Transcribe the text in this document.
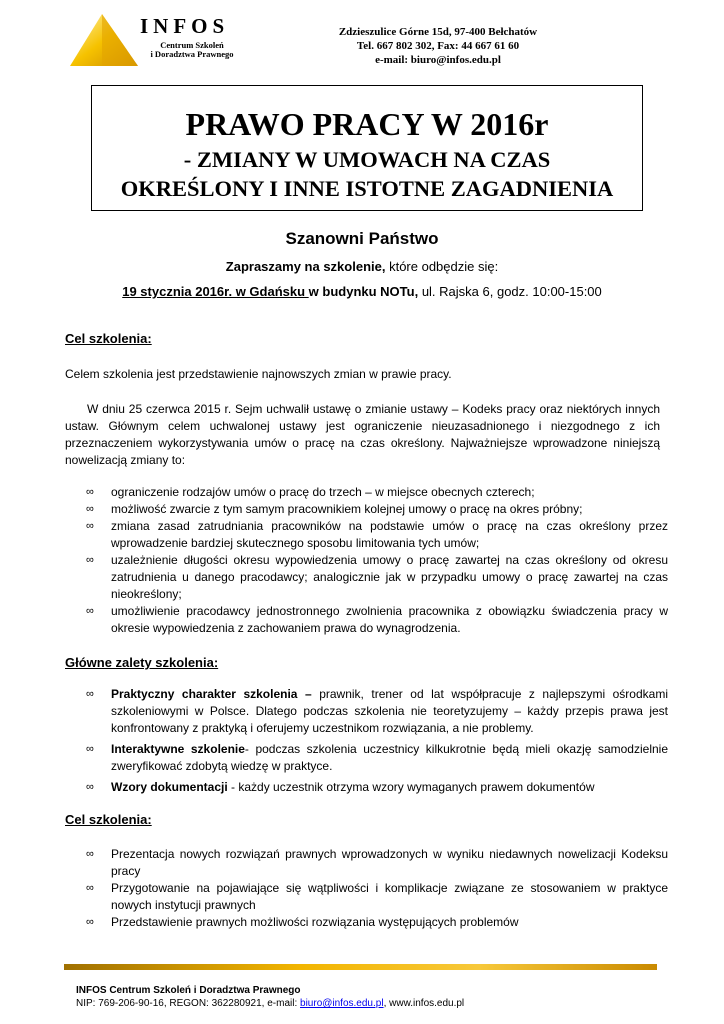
INFOS
Centrum Szkoleń
i Doradztwa Prawnego
Zdzieszulice Górne 15d, 97-400 Bełchatów
Tel. 667 802 302, Fax: 44 667 61 60
e-mail: biuro@infos.edu.pl
PRAWO PRACY W 2016r
- ZMIANY W UMOWACH NA CZAS
OKREŚLONY I INNE ISTOTNE ZAGADNIENIA
Szanowni Państwo
Zapraszamy na szkolenie, które odbędzie się:
19 stycznia 2016r. w Gdańsku w budynku NOTu, ul. Rajska 6, godz. 10:00-15:00
Cel szkolenia:
Celem szkolenia jest przedstawienie najnowszych zmian w prawie pracy.
W dniu 25 czerwca 2015 r. Sejm uchwalił ustawę o zmianie ustawy – Kodeks pracy oraz niektórych innych ustaw. Głównym celem uchwalonej ustawy jest ograniczenie nieuzasadnionego i niezgodnego z ich przeznaczeniem wykorzystywania umów o pracę na czas określony. Najważniejsze wprowadzone niniejszą nowelizacją zmiany to:
∞ ograniczenie rodzajów umów o pracę do trzech – w miejsce obecnych czterech;
∞ możliwość zwarcie z tym samym pracownikiem kolejnej umowy o pracę na okres próbny;
∞ zmiana zasad zatrudniania pracowników na podstawie umów o pracę na czas określony przez wprowadzenie bardziej skutecznego sposobu limitowania tych umów;
∞ uzależnienie długości okresu wypowiedzenia umowy o pracę zawartej na czas określony od okresu zatrudnienia u danego pracodawcy; analogicznie jak w przypadku umowy o pracę zawartej na czas nieokreślony;
∞ umożliwienie pracodawcy jednostronnego zwolnienia pracownika z obowiązku świadczenia pracy w okresie wypowiedzenia z zachowaniem prawa do wynagrodzenia.
Główne zalety szkolenia:
∞ Praktyczny charakter szkolenia – prawnik, trener od lat współpracuje z najlepszymi ośrodkami szkoleniowymi w Polsce. Dlatego podczas szkolenia nie teoretyzujemy – każdy przepis prawa jest konfrontowany z praktyką i oferujemy uczestnikom rozwiązania, a nie problemy.
∞ Interaktywne szkolenie- podczas szkolenia uczestnicy kilkukrotnie będą mieli okazję samodzielnie zweryfikować zdobytą wiedzę w praktyce.
∞ Wzory dokumentacji - każdy uczestnik otrzyma wzory wymaganych prawem dokumentów
Cel szkolenia:
∞ Prezentacja nowych rozwiązań prawnych wprowadzonych w wyniku niedawnych nowelizacji Kodeksu pracy
∞ Przygotowanie na pojawiające się wątpliwości i komplikacje związane ze stosowaniem w praktyce nowych instytucji prawnych
∞ Przedstawienie prawnych możliwości rozwiązania występujących problemów
INFOS Centrum Szkoleń i Doradztwa Prawnego
NIP: 769-206-90-16, REGON: 362280921, e-mail: biuro@infos.edu.pl, www.infos.edu.pl
